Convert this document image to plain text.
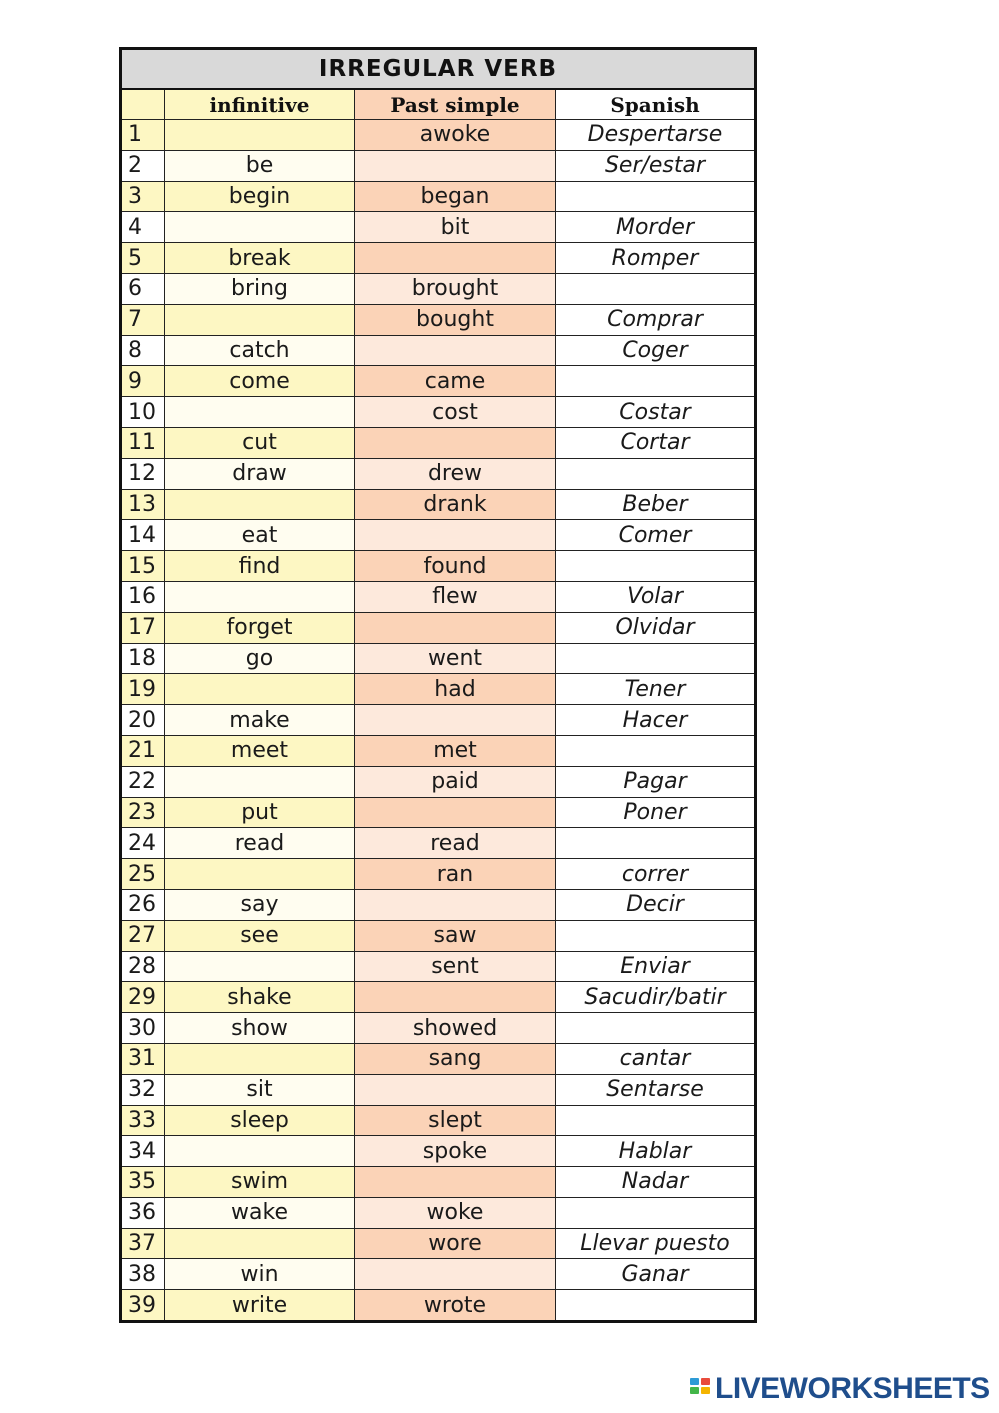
IRREGULAR VERB			
	infinitive	Past simple	Spanish
1		awoke	Despertarse
2	be		Ser/estar
3	begin	began	
4		bit	Morder
5	break		Romper
6	bring	brought	
7		bought	Comprar
8	catch		Coger
9	come	came	
10		cost	Costar
11	cut		Cortar
12	draw	drew	
13		drank	Beber
14	eat		Comer
15	find	found	
16		flew	Volar
17	forget		Olvidar
18	go	went	
19		had	Tener
20	make		Hacer
21	meet	met	
22		paid	Pagar
23	put		Poner
24	read	read	
25		ran	correr
26	say		Decir
27	see	saw	
28		sent	Enviar
29	shake		Sacudir/batir
30	show	showed	
31		sang	cantar
32	sit		Sentarse
33	sleep	slept	
34		spoke	Hablar
35	swim		Nadar
36	wake	woke	
37		wore	Llevar puesto
38	win		Ganar
39	write	wrote	
LIVEWORKSHEETS
